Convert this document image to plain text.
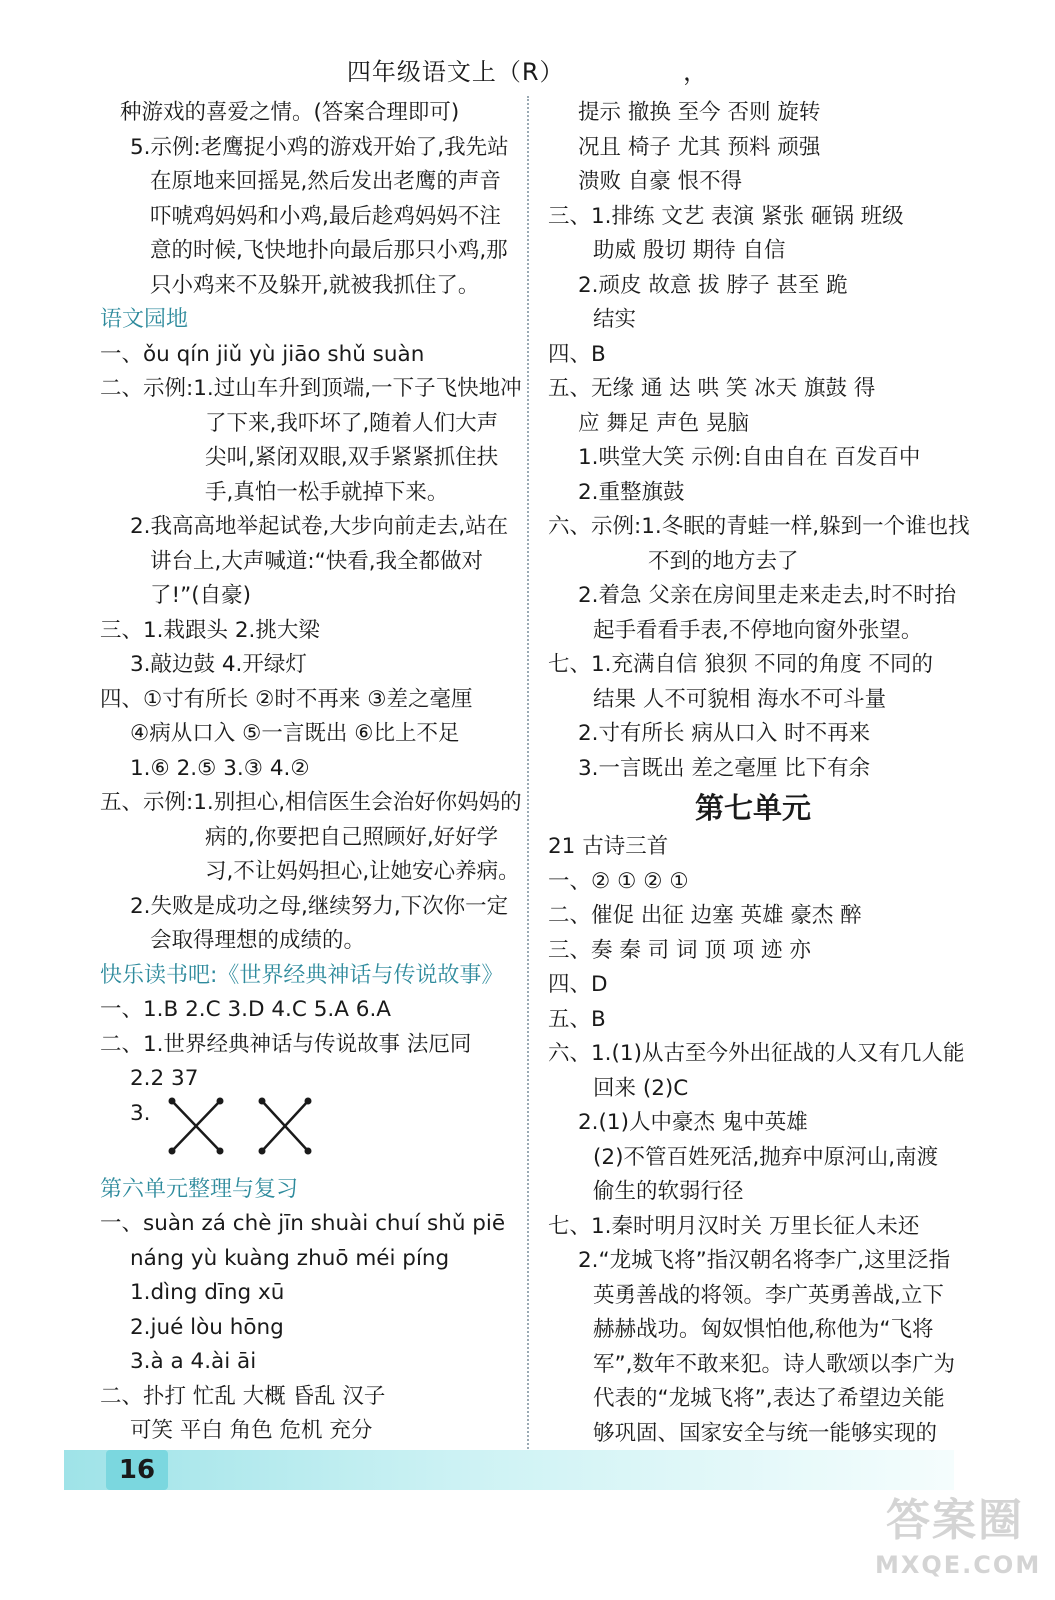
四年级语文上（R）	，
种游戏的喜爱之情。(答案合理即可)
5.示例:老鹰捉小鸡的游戏开始了,我先站
在原地来回摇晃,然后发出老鹰的声音
吓唬鸡妈妈和小鸡,最后趁鸡妈妈不注
意的时候,飞快地扑向最后那只小鸡,那
只小鸡来不及躲开,就被我抓住了。
语文园地
一、ǒu qín jiǔ yù jiāo shǔ suàn
二、示例:1.过山车升到顶端,一下子飞快地冲
了下来,我吓坏了,随着人们大声
尖叫,紧闭双眼,双手紧紧抓住扶
手,真怕一松手就掉下来。
2.我高高地举起试卷,大步向前走去,站在
讲台上,大声喊道:“快看,我全都做对
了!”(自豪)
三、1.栽跟头 2.挑大梁
3.敲边鼓 4.开绿灯
四、①寸有所长 ②时不再来 ③差之毫厘
④病从口入 ⑤一言既出 ⑥比上不足
1.⑥ 2.⑤ 3.③ 4.②
五、示例:1.别担心,相信医生会治好你妈妈的
病的,你要把自己照顾好,好好学
习,不让妈妈担心,让她安心养病。
2.失败是成功之母,继续努力,下次你一定
会取得理想的成绩的。
快乐读书吧:《世界经典神话与传说故事》
一、1.B 2.C 3.D 4.C 5.A 6.A
二、1.世界经典神话与传说故事 法厄同
2.2 37
3.
第六单元整理与复习
一、suàn zá chè jīn shuài chuí shǔ piē
náng yù kuàng zhuō méi píng
1.dìng dīng xū
2.jué lòu hōng
3.à a 4.ài āi
二、扑打 忙乱 大概 昏乱 汉子
可笑 平白 角色 危机 充分
提示 撤换 至今 否则 旋转
况且 椅子 尤其 预料 顽强
溃败 自豪 恨不得
三、1.排练 文艺 表演 紧张 砸锅 班级
助威 殷切 期待 自信
2.顽皮 故意 拔 脖子 甚至 跪
结实
四、B
五、无缘 通 达 哄 笑 冰天 旗鼓 得
应 舞足 声色 晃脑
1.哄堂大笑 示例:自由自在 百发百中
2.重整旗鼓
六、示例:1.冬眠的青蛙一样,躲到一个谁也找
不到的地方去了
2.着急 父亲在房间里走来走去,时不时抬
起手看看手表,不停地向窗外张望。
七、1.充满自信 狼狈 不同的角度 不同的
结果 人不可貌相 海水不可斗量
2.寸有所长 病从口入 时不再来
3.一言既出 差之毫厘 比下有余
第七单元
21 古诗三首
一、② ① ② ①
二、催促 出征 边塞 英雄 豪杰 醉
三、奏 秦 司 词 顶 项 迹 亦
四、D
五、B
六、1.(1)从古至今外出征战的人又有几人能
回来 (2)C
2.(1)人中豪杰 鬼中英雄
(2)不管百姓死活,抛弃中原河山,南渡
偷生的软弱行径
七、1.秦时明月汉时关 万里长征人未还
2.“龙城飞将”指汉朝名将李广,这里泛指
英勇善战的将领。李广英勇善战,立下
赫赫战功。匈奴惧怕他,称他为“飞将
军”,数年不敢来犯。诗人歌颂以李广为
代表的“龙城飞将”,表达了希望边关能
够巩固、国家安全与统一能够实现的
16
答案圈
MXQE.COM
